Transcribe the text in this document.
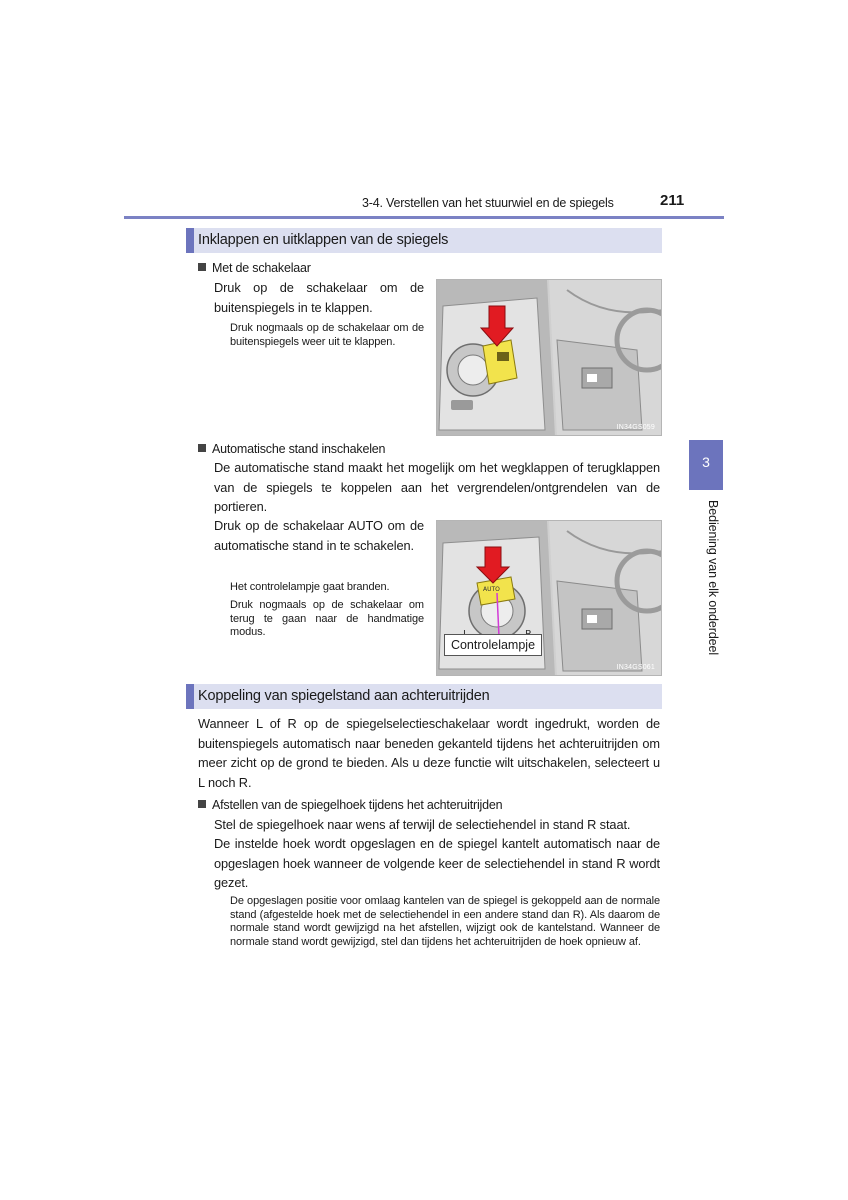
3-4. Verstellen van het stuurwiel en de spiegels	211
Inklappen en uitklappen van de spiegels
Met de schakelaar
Druk op de schakelaar om de buitenspiegels in te klappen.
Druk nogmaals op de schakelaar om de buitenspiegels weer uit te klappen.
IN34GS059
Automatische stand inschakelen
De automatische stand maakt het mogelijk om het wegklappen of terugklappen van de spiegels te koppelen aan het vergrendelen/ontgrendelen van de portieren.
Druk op de schakelaar AUTO om de automatische stand in te schakelen.
Het controlelampje gaat branden.
Druk nogmaals op de schakelaar om terug te gaan naar de handmatige modus.
AUTO
IN34GS061
Controlelampje
Koppeling van spiegelstand aan achteruitrijden
Wanneer L of R op de spiegelselectieschakelaar wordt ingedrukt, worden de buitenspiegels automatisch naar beneden gekanteld tijdens het achteruitrijden om meer zicht op de grond te bieden. Als u deze functie wilt uitschakelen, selecteert u L noch R.
Afstellen van de spiegelhoek tijdens het achteruitrijden
Stel de spiegelhoek naar wens af terwijl de selectiehendel in stand R staat.
De instelde hoek wordt opgeslagen en de spiegel kantelt automatisch naar de opgeslagen hoek wanneer de volgende keer de selectiehendel in stand R wordt gezet.
De opgeslagen positie voor omlaag kantelen van de spiegel is gekoppeld aan de normale stand (afgestelde hoek met de selectiehendel in een andere stand dan R). Als daarom de normale stand wordt gewijzigd na het afstellen, wijzigt ook de kantelstand. Wanneer de normale stand wordt gewijzigd, stel dan tijdens het achteruitrijden de hoek opnieuw af.
3
Bediening van elk onderdeel
